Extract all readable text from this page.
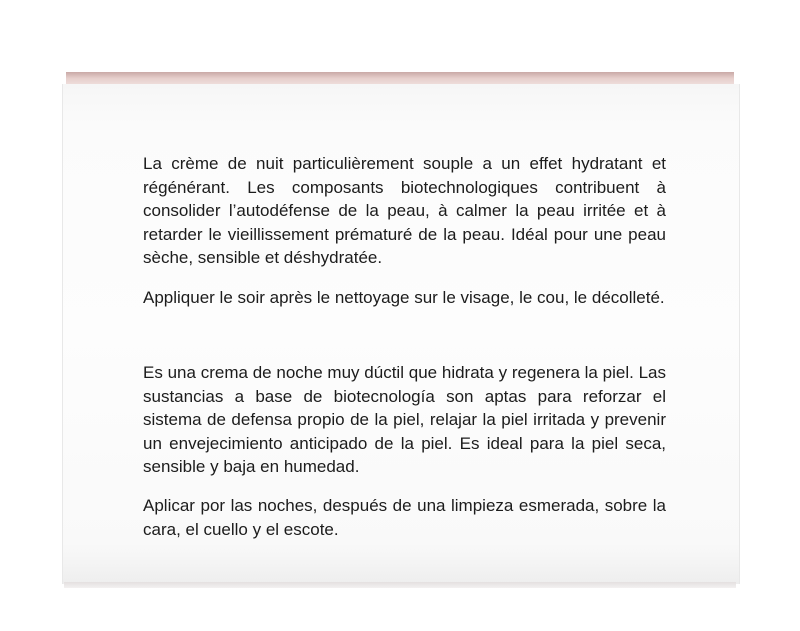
La crème de nuit particulièrement souple a un effet hydratant et régénérant. Les composants biotechnologiques contribuent à consolider l’autodéfense de la peau, à calmer la peau irritée et à retarder le vieillissement prématuré de la peau. Idéal pour une peau sèche, sensible et déshydratée.

Appliquer le soir après le nettoyage sur le visage, le cou, le décolleté.

Es una crema de noche muy dúctil que hidrata y regenera la piel. Las sustancias a base de biotecnología son aptas para reforzar el sistema de defensa propio de la piel, relajar la piel irritada y prevenir un envejecimiento anticipado de la piel. Es ideal para la piel seca, sensible y baja en humedad.

Aplicar por las noches, después de una limpieza esmerada, sobre la cara, el cuello y el escote.
